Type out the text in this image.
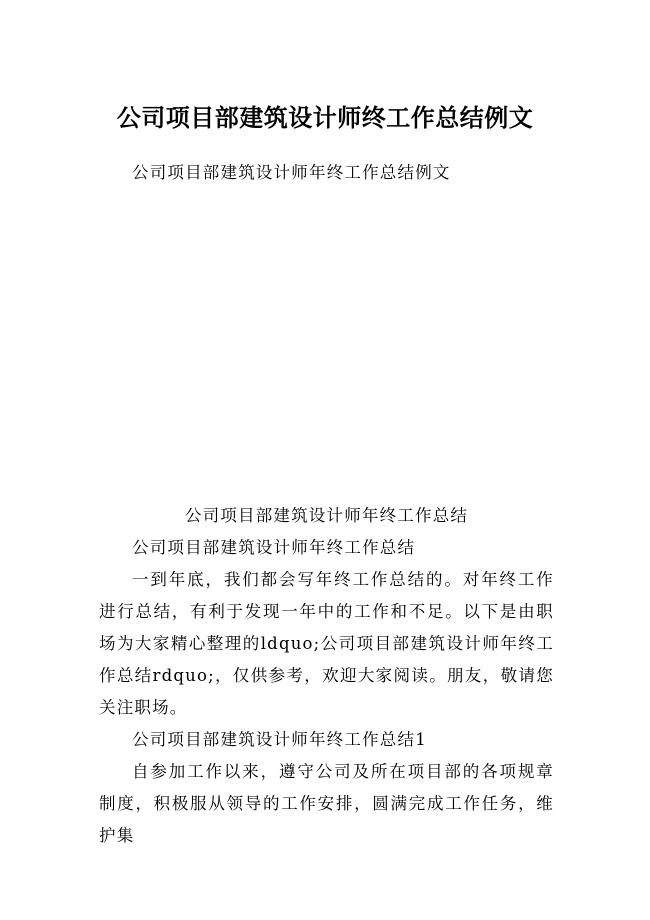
公司项目部建筑设计师终工作总结例文
公司项目部建筑设计师年终工作总结例文

公司项目部建筑设计师年终工作总结

公司项目部建筑设计师年终工作总结

一到年底，我们都会写年终工作总结的。对年终工作进行总结，有利于发现一年中的工作和不足。以下是由职场为大家精心整理的ldquo;公司项目部建筑设计师年终工作总结rdquo;，仅供参考，欢迎大家阅读。朋友，敬请您关注职场。

公司项目部建筑设计师年终工作总结1

自参加工作以来，遵守公司及所在项目部的各项规章制度，积极服从领导的工作安排，圆满完成工作任务，维护集
